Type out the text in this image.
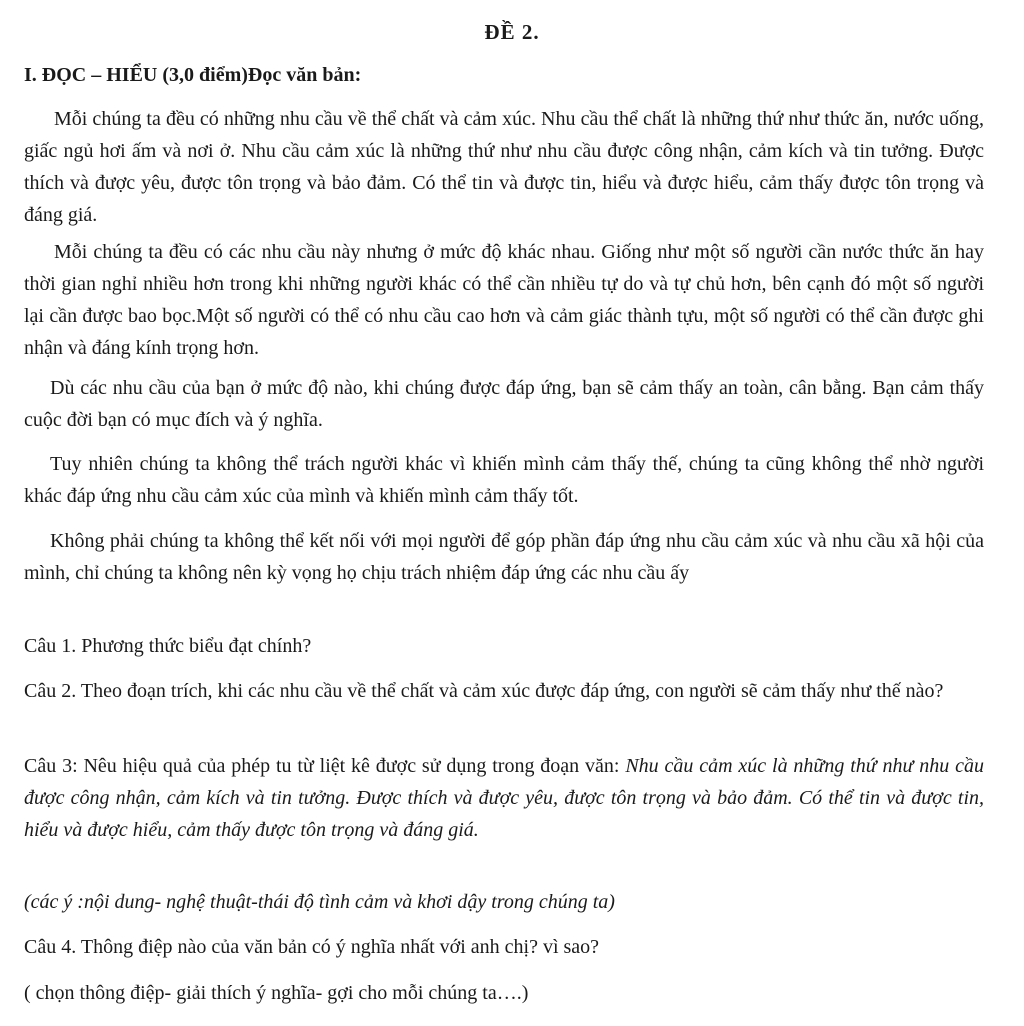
ĐỀ 2.
I. ĐỌC – HIỂU (3,0 điểm)Đọc văn bản:
Mỗi chúng ta đều có những nhu cầu về thể chất và cảm xúc. Nhu cầu thể chất là những thứ như thức ăn, nước uống, giấc ngủ hơi ấm và nơi ở. Nhu cầu cảm xúc là những thứ như nhu cầu được công nhận, cảm kích và tin tưởng. Được thích và được yêu, được tôn trọng và bảo đảm. Có thể tin và được tin, hiểu và được hiểu, cảm thấy được tôn trọng và đáng giá.
Mỗi chúng ta đều có các nhu cầu này nhưng ở mức độ khác nhau. Giống như một số người cần nước thức ăn hay thời gian nghỉ nhiều hơn trong khi những người khác có thể cần nhiều tự do và tự chủ hơn, bên cạnh đó một số người lại cần được bao bọc.Một số người có thể có nhu cầu cao hơn và cảm giác thành tựu, một số người có thể cần được ghi nhận và đáng kính trọng hơn.
Dù các nhu cầu của bạn ở mức độ nào, khi chúng được đáp ứng, bạn sẽ cảm thấy an toàn, cân bằng. Bạn cảm thấy cuộc đời bạn có mục đích và ý nghĩa.
Tuy nhiên chúng ta không thể trách người khác vì khiến mình cảm thấy thế, chúng ta cũng không thể nhờ người khác đáp ứng nhu cầu cảm xúc của mình và khiến mình cảm thấy tốt.
Không phải chúng ta không thể kết nối với mọi người để góp phần đáp ứng nhu cầu cảm xúc và nhu cầu xã hội của mình, chỉ chúng ta không nên kỳ vọng họ chịu trách nhiệm đáp ứng các nhu cầu ấy
Câu 1. Phương thức biểu đạt chính?
Câu 2. Theo đoạn trích, khi các nhu cầu về thể chất và cảm xúc được đáp ứng, con người sẽ cảm thấy như thế nào?
Câu 3: Nêu hiệu quả của phép tu từ liệt kê được sử dụng trong đoạn văn: Nhu cầu cảm xúc là những thứ như nhu cầu được công nhận, cảm kích và tin tưởng. Được thích và được yêu, được tôn trọng và bảo đảm. Có thể tin và được tin, hiểu và được hiểu, cảm thấy được tôn trọng và đáng giá.
(các ý :nội dung- nghệ thuật-thái độ tình cảm và khơi dậy trong chúng ta)
Câu 4. Thông điệp nào của văn bản có ý nghĩa nhất với anh chị? vì sao?
( chọn thông điệp- giải thích ý nghĩa- gợi cho mỗi chúng ta….)
